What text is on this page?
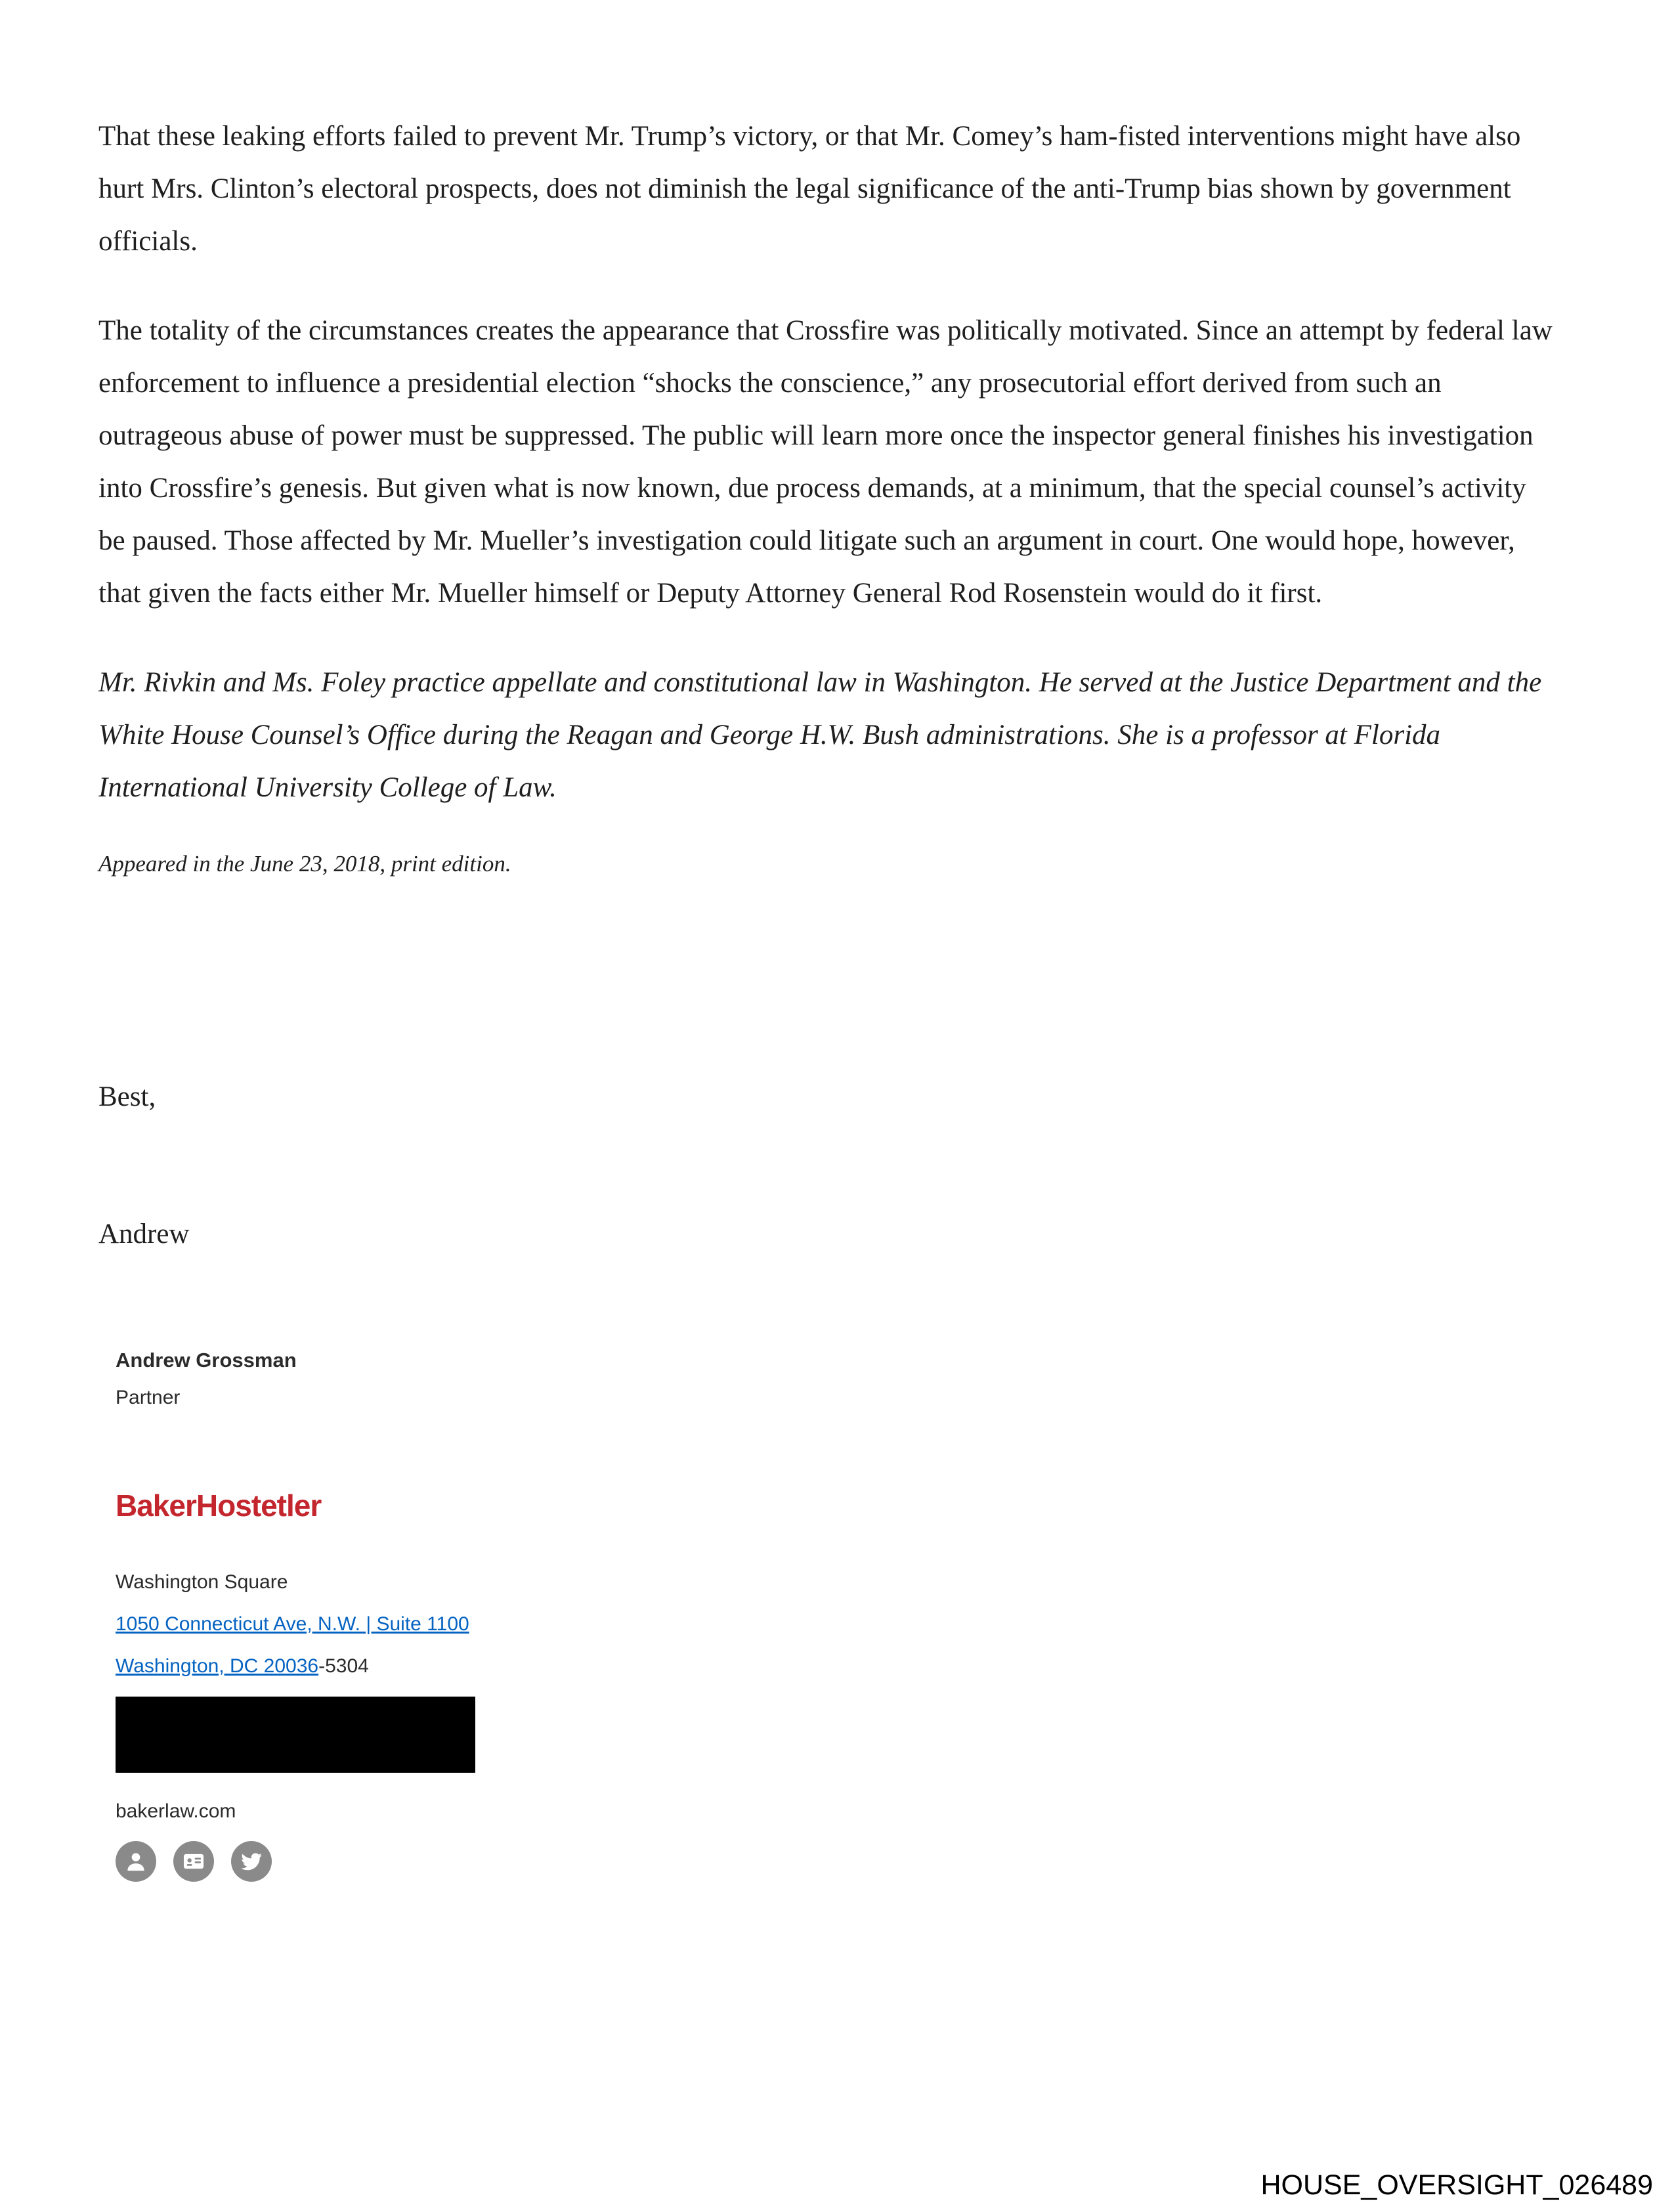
That these leaking efforts failed to prevent Mr. Trump’s victory, or that Mr. Comey’s ham-fisted interventions might have also hurt Mrs. Clinton’s electoral prospects, does not diminish the legal significance of the anti-Trump bias shown by government officials.

The totality of the circumstances creates the appearance that Crossfire was politically motivated. Since an attempt by federal law enforcement to influence a presidential election “shocks the conscience,” any prosecutorial effort derived from such an outrageous abuse of power must be suppressed. The public will learn more once the inspector general finishes his investigation into Crossfire’s genesis. But given what is now known, due process demands, at a minimum, that the special counsel’s activity be paused. Those affected by Mr. Mueller’s investigation could litigate such an argument in court. One would hope, however, that given the facts either Mr. Mueller himself or Deputy Attorney General Rod Rosenstein would do it first.

Mr. Rivkin and Ms. Foley practice appellate and constitutional law in Washington. He served at the Justice Department and the White House Counsel’s Office during the Reagan and George H.W. Bush administrations. She is a professor at Florida International University College of Law.

Appeared in the June 23, 2018, print edition.

Best,
Andrew
Andrew Grossman
Partner
BakerHostetler
Washington Square
1050 Connecticut Ave, N.W. | Suite 1100
Washington, DC 20036-5304
bakerlaw.com
HOUSE_OVERSIGHT_026489
